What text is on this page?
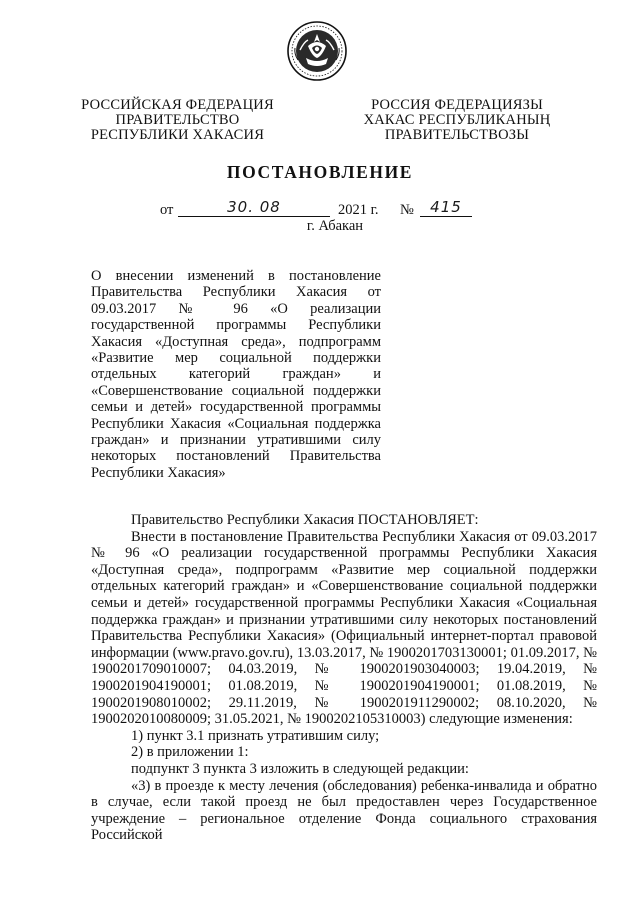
РОССИЙСКАЯ ФЕДЕРАЦИЯ
ПРАВИТЕЛЬСТВО
РЕСПУБЛИКИ ХАКАСИЯ
РОССИЯ ФЕДЕРАЦИЯЗЫ
ХАКАС РЕСПУБЛИКАНЫҢ
ПРАВИТЕЛЬСТВОЗЫ
ПОСТАНОВЛЕНИЕ
от	30. 08	2021 г. №	415
г. Абакан
О внесении изменений в постановление Правительства Республики Хакасия от 09.03.2017 № 96 «О реализации государственной программы Республики Хакасия «Доступная среда», подпрограмм «Развитие мер социальной поддержки отдельных категорий граждан» и «Совершенствование социальной поддержки семьи и детей» государственной программы Республики Хакасия «Социальная поддержка граждан» и признании утратившими силу некоторых постановлений Правительства Республики Хакасия»

Правительство Республики Хакасия ПОСТАНОВЛЯЕТ:

Внести в постановление Правительства Республики Хакасия от 09.03.2017 № 96 «О реализации государственной программы Республики Хакасия «Доступная среда», подпрограмм «Развитие мер социальной поддержки отдельных категорий граждан» и «Совершенствование социальной поддержки семьи и детей» государственной программы Республики Хакасия «Социальная поддержка граждан» и признании утратившими силу некоторых постановлений Правительства Республики Хакасия» (Официальный интернет-портал правовой информации (www.pravo.gov.ru), 13.03.2017, № 1900201703130001; 01.09.2017, № 1900201709010007; 04.03.2019, № 1900201903040003; 19.04.2019, № 1900201904190001; 01.08.2019, № 1900201904190001; 01.08.2019, № 1900201908010002; 29.11.2019, № 1900201911290002; 08.10.2020, № 1900202010080009; 31.05.2021, № 1900202105310003) следующие изменения:

1) пункт 3.1 признать утратившим силу;

2) в приложении 1:

подпункт 3 пункта 3 изложить в следующей редакции:

«3) в проезде к месту лечения (обследования) ребенка-инвалида и обратно в случае, если такой проезд не был предоставлен через Государственное учреждение – региональное отделение Фонда социального страхования Российской
